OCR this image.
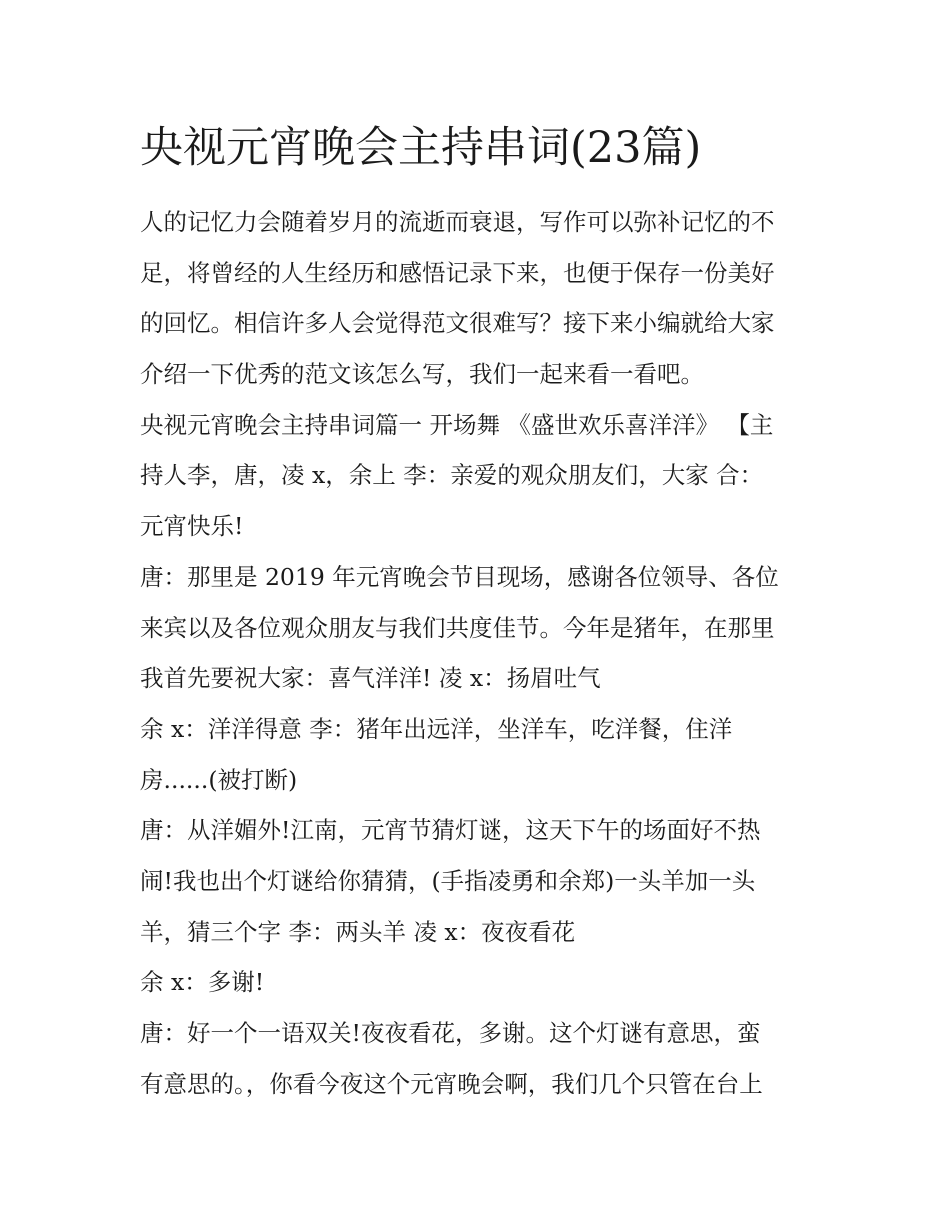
央视元宵晚会主持串词(23篇)

人的记忆力会随着岁月的流逝而衰退，写作可以弥补记忆的不

足，将曾经的人生经历和感悟记录下来，也便于保存一份美好

的回忆。相信许多人会觉得范文很难写？接下来小编就给大家

介绍一下优秀的范文该怎么写，我们一起来看一看吧。

央视元宵晚会主持串词篇一 开场舞 《盛世欢乐喜洋洋》 【主

持人李，唐，凌 x，余上 李：亲爱的观众朋友们，大家 合：

元宵快乐!

唐：那里是 2019 年元宵晚会节目现场，感谢各位领导、各位

来宾以及各位观众朋友与我们共度佳节。今年是猪年，在那里

我首先要祝大家：喜气洋洋! 凌 x：扬眉吐气

余 x：洋洋得意 李：猪年出远洋，坐洋车，吃洋餐，住洋

房......(被打断)

唐：从洋媚外!江南，元宵节猜灯谜，这天下午的场面好不热

闹!我也出个灯谜给你猜猜，(手指凌勇和余郑)一头羊加一头

羊，猜三个字 李：两头羊 凌 x：夜夜看花

余 x：多谢!

唐：好一个一语双关!夜夜看花，多谢。这个灯谜有意思，蛮

有意思的。，你看今夜这个元宵晚会啊，我们几个只管在台上
